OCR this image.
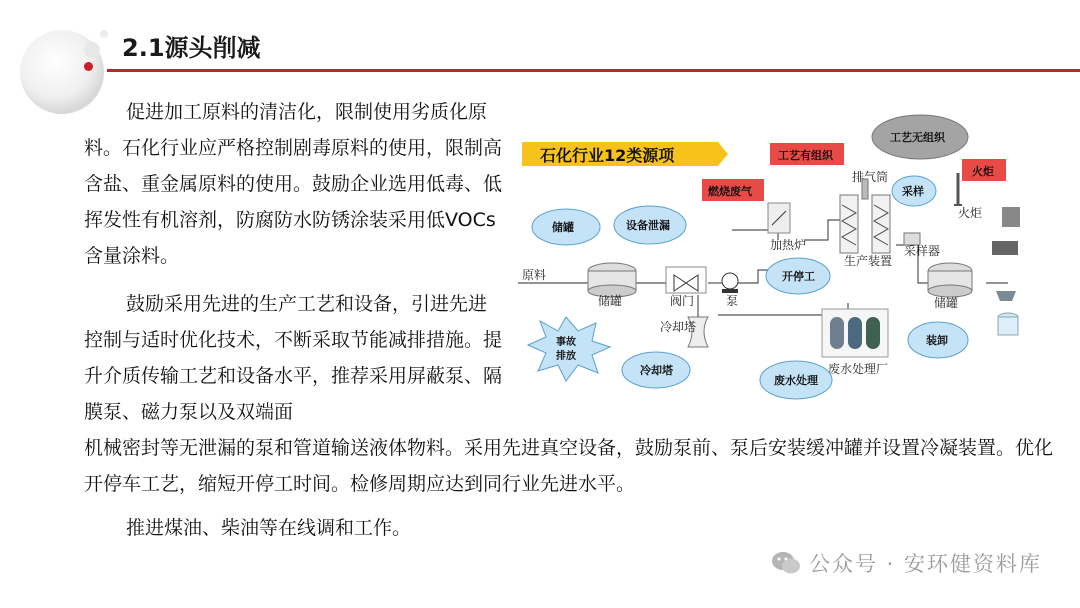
2.1源头削减

促进加工原料的清洁化，限制使用劣质化原料。石化行业应严格控制剧毒原料的使用，限制高含盐、重金属原料的使用。鼓励企业选用低毒、低挥发性有机溶剂，防腐防水防锈涂装采用低VOCs含量涂料。

鼓励采用先进的生产工艺和设备，引进先进控制与适时优化技术，不断采取节能减排措施。提升介质传输工艺和设备水平，推荐采用屏蔽泵、隔膜泵、磁力泵以及双端面

机械密封等无泄漏的泵和管道输送液体物料。采用先进真空设备，鼓励泵前、泵后安装缓冲罐并设置冷凝装置。优化开停车工艺，缩短开停工时间。检修周期应达到同行业先进水平。

推进煤油、柴油等在线调和工作。

石化行业12类源项
原料
储罐	阀门	泵
加热炉
排气筒
生产装置
采样器
火炬
储罐
冷却塔
废水处理厂
储罐	设备泄漏
开停工
采样
工艺无组织
冷却塔
废水处理
装卸
燃烧废气
工艺有组织
火炬
事故
排放
公众号 · 安环健资料库
